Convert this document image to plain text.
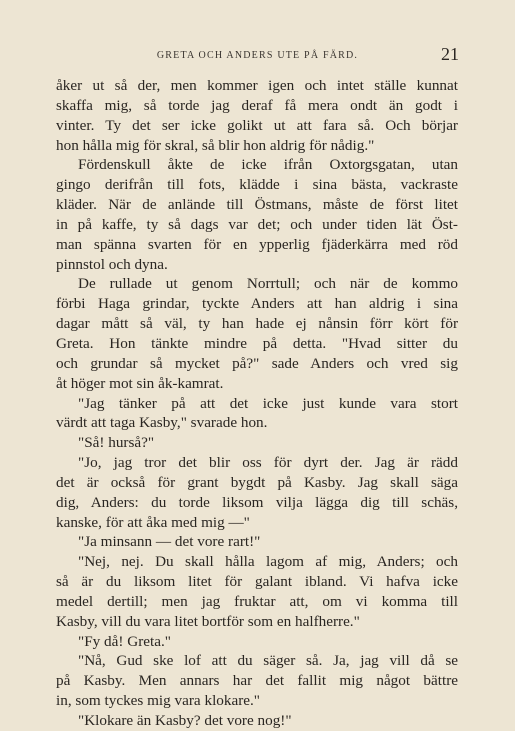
GRETA OCH ANDERS UTE PÅ FÄRD.	21
åker ut så der, men kommer igen och intet ställe kunnat
skaffa mig, så torde jag deraf få mera ondt än godt i
vinter. Ty det ser icke golikt ut att fara så. Och börjar
hon hålla mig för skral, så blir hon aldrig för nådig."
Fördenskull åkte de icke ifrån Oxtorgsgatan, utan
gingo derifrån till fots, klädde i sina bästa, vackraste
kläder. När de anlände till Östmans, måste de först litet
in på kaffe, ty så dags var det; och under tiden lät Öst-
man spänna svarten för en ypperlig fjäderkärra med röd
pinnstol och dyna.
De rullade ut genom Norrtull; och när de kommo
förbi Haga grindar, tyckte Anders att han aldrig i sina
dagar mått så väl, ty han hade ej nånsin förr kört för
Greta. Hon tänkte mindre på detta. "Hvad sitter du
och grundar så mycket på?" sade Anders och vred sig
åt höger mot sin åk-kamrat.
"Jag tänker på att det icke just kunde vara stort
värdt att taga Kasby," svarade hon.
"Så! hurså?"
"Jo, jag tror det blir oss för dyrt der. Jag är rädd
det är också för grant bygdt på Kasby. Jag skall säga
dig, Anders: du torde liksom vilja lägga dig till schäs,
kanske, för att åka med mig —"
"Ja minsann — det vore rart!"
"Nej, nej. Du skall hålla lagom af mig, Anders; och
så är du liksom litet för galant ibland. Vi hafva icke
medel dertill; men jag fruktar att, om vi komma till
Kasby, vill du vara litet bortför som en halfherre."
"Fy då! Greta."
"Nå, Gud ske lof att du säger så. Ja, jag vill då se
på Kasby. Men annars har det fallit mig något bättre
in, som tyckes mig vara klokare."
"Klokare än Kasby? det vore nog!"
